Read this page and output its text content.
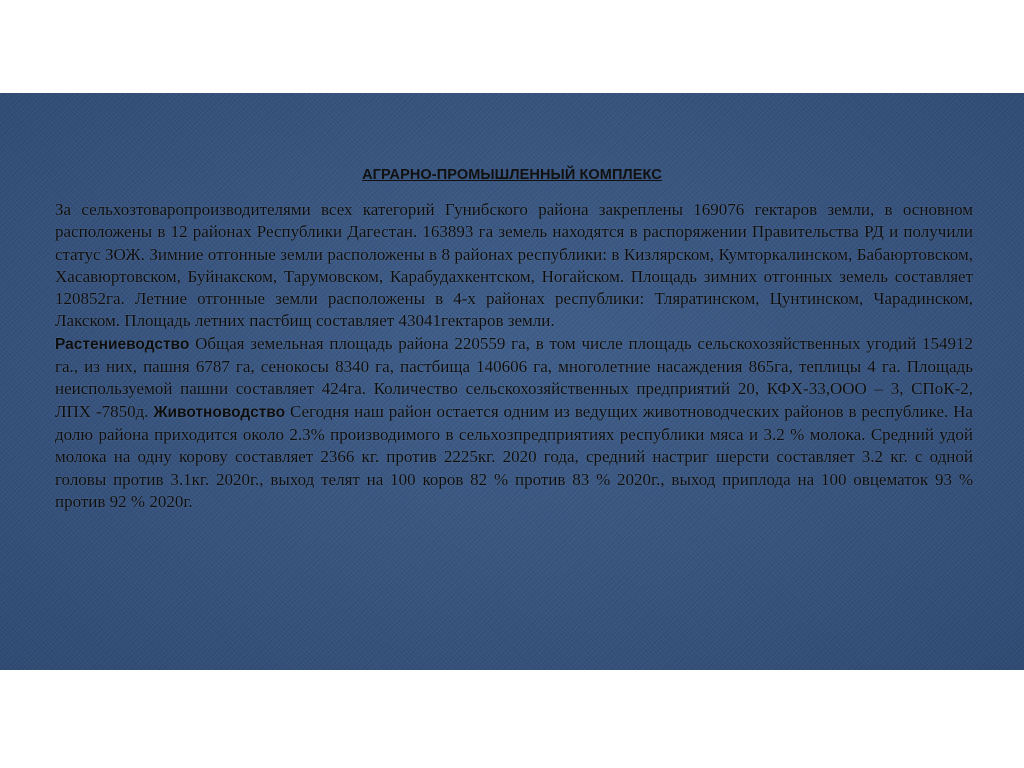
АГРАРНО-ПРОМЫШЛЕННЫЙ КОМПЛЕКС

За сельхозтоваропроизводителями всех категорий Гунибского района закреплены 169076 гектаров земли, в основном расположены в 12 районах Республики Дагестан. 163893 га земель находятся в распоряжении Правительства РД и получили статус ЗОЖ. Зимние отгонные земли расположены в 8 районах республики: в Кизлярском, Кумторкалинском, Бабаюртовском, Хасавюртовском, Буйнакском, Тарумовском, Карабудахкентском, Ногайском. Площадь зимних отгонных земель составляет 120852га. Летние отгонные земли расположены в 4-х районах республики: Тляратинском, Цунтинском, Чарадинском, Лакском. Площадь летних пастбищ составляет 43041гектаров земли.

Растениеводство Общая земельная площадь района 220559 га, в том числе площадь сельскохозяйственных угодий 154912 га., из них, пашня 6787 га, сенокосы 8340 га, пастбища 140606 га, многолетние насаждения 865га, теплицы 4 га. Площадь неиспользуемой пашни составляет 424га. Количество сельскохозяйственных предприятий 20, КФХ-33,ООО – 3, СПоК-2, ЛПХ -7850д. Животноводство Сегодня наш район остается одним из ведущих животноводческих районов в республике. На долю района приходится около 2.3% производимого в сельхозпредприятиях республики мяса и 3.2 % молока. Средний удой молока на одну корову составляет 2366 кг. против 2225кг. 2020 года, средний настриг шерсти составляет 3.2 кг. с одной головы против 3.1кг. 2020г., выход телят на 100 коров 82 % против 83 % 2020г., выход приплода на 100 овцематок 93 % против 92 % 2020г.
